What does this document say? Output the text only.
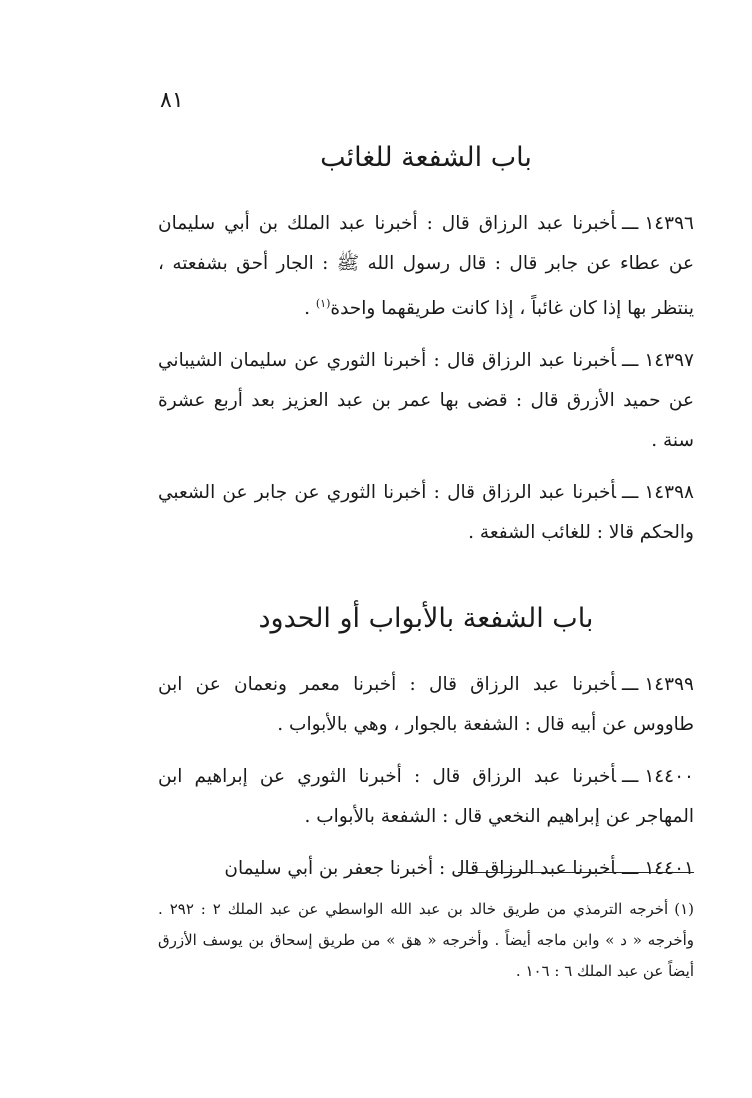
٨١
باب الشفعة للغائب

١٤٣٩٦ـــأخبرنا عبد الرزاق قال : أخبرنا عبد الملك بن أبي سليمان عن عطاء عن جابر قال : قال رسول الله ﷺ : الجار أحق بشفعته ، ينتظر بها إذا كان غائباً ، إذا كانت طريقهما واحدة$^{(١)}$ .

١٤٣٩٧ـــأخبرنا عبد الرزاق قال : أخبرنا الثوري عن سليمان الشيباني عن حميد الأزرق قال : قضى بها عمر بن عبد العزيز بعد أربع عشرة سنة .

١٤٣٩٨ـــأخبرنا عبد الرزاق قال : أخبرنا الثوري عن جابر عن الشعبي والحكم قالا : للغائب الشفعة .

باب الشفعة بالأبواب أو الحدود

١٤٣٩٩ـــأخبرنا عبد الرزاق قال : أخبرنا معمر ونعمان عن ابن طاووس عن أبيه قال : الشفعة بالجوار ، وهي بالأبواب .

١٤٤٠٠ـــأخبرنا عبد الرزاق قال : أخبرنا الثوري عن إبراهيم ابن المهاجر عن إبراهيم النخعي قال : الشفعة بالأبواب .

١٤٤٠١ـــأخبرنا عبد الرزاق قال : أخبرنا جعفر بن أبي سليمان

(١)أخرجه الترمذي من طريق خالد بن عبد الله الواسطي عن عبد الملك ٢ : ٢٩٢ . وأخرجه « د » وابن ماجه أيضاً . وأخرجه « هق » من طريق إسحاق بن يوسف الأزرق أيضاً عن عبد الملك ٦ : ١٠٦ .
